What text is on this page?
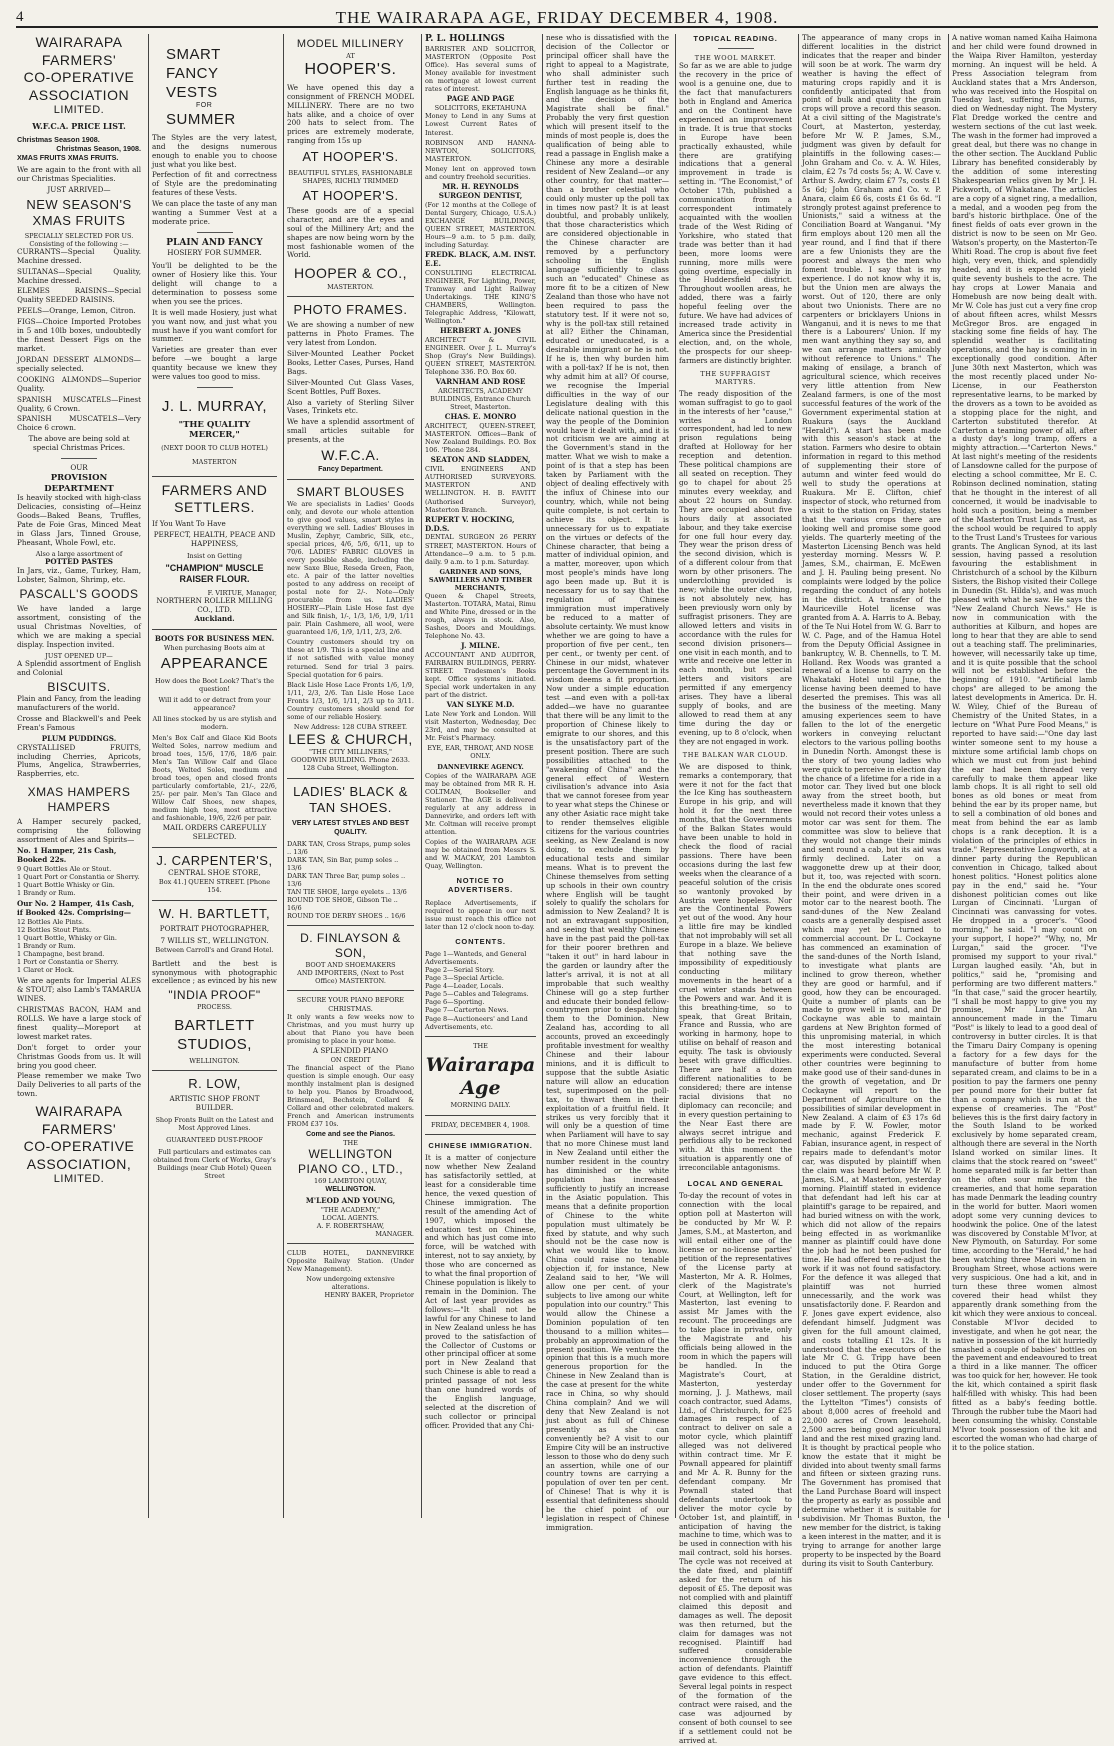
4	THE WAIRARAPA AGE, FRIDAY DECEMBER 4, 1908.
WAIRARAPA
FARMERS'
CO-OPERATIVE
ASSOCIATION
LIMITED.
W.F.C.A. PRICE LIST.
Christmas Season 1908.
Christmas Season, 1908.
XMAS FRUITS XMAS FRUITS.

We are again to the front with all our Christmas Specialities.

JUST ARRIVED—
NEW SEASON'S XMAS FRUITS
SPECIALLY SELECTED FOR US.
Consisting of the following :—

CURRANTS—Special Quality. Machine dressed.

SULTANAS—Special Quality, Machine dressed.

ELEMES RAISINS—Special Quality SEEDED RAISINS.

PEELS—Orange, Lemon, Citron.

FIGS—Choice Imported Protobes in 5 and 10lb boxes, undoubtedly the finest Dessert Figs on the market.

JORDAN DESSERT ALMONDS—specially selected.

COOKING ALMONDS—Superior Quality.

SPANISH MUSCATELS—Finest Quality, 6 Crown.

SPANISH MUSCATELS—Very Choice 6 crown.

The above are being sold at special Christmas Prices.

OUR
PROVISION DEPARTMENT

Is heavily stocked with high-class Delicacies, consisting of—Heinz Goods—Baked Beans, Truffles, Pate de Foie Gras, Minced Meat in Glass Jars, Tinned Grouse, Pheasant, Whole Fowl, etc.

Also a large assortment of
POTTED PASTES

In Jars, viz., Game, Turkey, Ham, Lobster, Salmon, Shrimp, etc.

PASCALL'S GOODS

We have landed a large assortment, consisting of the usual Christmas Novelties, of which we are making a special display. Inspection invited.

JUST OPENED UP—

A Splendid assortment of English and Colonial

BISCUITS.

Plain and Fancy, from the leading manufacturers of the world.

Crosse and Blackwell's and Peek Frean's Famous

PLUM PUDDINGS.

CRYSTALLISED FRUITS, including Cherries, Apricots, Plums, Angelica, Strawberries, Raspberries, etc.

XMAS HAMPERS HAMPERS

A Hamper securely packed, comprising the following assortment of Ales and Spirits—

No. 1 Hamper, 21s Cash, Booked 22s.
9 Quart Bottles Ale or Stout.
1 Quart Port or Constantia or Sherry.
1 Quart Bottle Whisky or Gin.
1 Brandy or Rum.
Our No. 2 Hamper, 41s Cash, if Booked 42s. Comprising—
12 Bottles Ale Pints.
12 Bottles Stout Pints.
1 Quart Bottle, Whisky or Gin.
1 Brandy or Rum.
1 Champagne, best brand.
1 Port or Constantia or Sherry.
1 Claret or Hock.

We are agents for Imperial ALES & STOUT; also Lamb's TAMARUA WINES.

CHRISTMAS BACON, HAM and ROLLS. We have a large stock of finest quality—Moreport at lowest market rates.

Don't forget to order your Christmas Goods from us. It will bring you good cheer.

Please remember we make Two Daily Deliveries to all parts of the town.

WAIRARAPA
FARMERS'
CO-OPERATIVE
ASSOCIATION,
LIMITED.
SMART
FANCY
VESTS
FOR
SUMMER

The Styles are the very latest, and the designs numerous enough to enable you to choose just what you like best.

Perfection of fit and correctness of Style are the predominating features of these Vests.

We can place the taste of any man wanting a Summer Vest at a moderate price.

PLAIN AND FANCY
HOSIERY FOR SUMMER.

You'll be delighted to be the owner of Hosiery like this. Your delight will change to a determination to possess some when you see the prices.

It is well made Hosiery, just what you want now, and just what you must have if you want comfort for summer.

Varieties are greater than ever before —we bought a large quantity because we knew they were values too good to miss.

J. L. MURRAY,
"THE QUALITY MERCER,"
(NEXT DOOR TO CLUB HOTEL)
MASTERTON
FARMERS AND SETTLERS.

If You Want To Have

PERFECT, HEALTH, PEACE AND HAPPINESS,
Insist on Getting
"CHAMPION" MUSCLE RAISER FLOUR.
F. VIRTUE, Manager,
NORTHERN ROLLER MILLING CO., LTD.
Auckland.
BOOTS FOR BUSINESS MEN.
When purchasing Boots aim at
APPEARANCE
How does the Boot Look? That's the question!
Will it add to or detract from your appearance?
All lines stocked by us are stylish and modern.

Men's Box Calf and Glace Kid Boots Welted Soles, narrow medium and broad toes, 15/6, 17/6, 18/6 pair. Men's Tan Willow Calf and Glace Boots, Welted Soles, medium and broad toes, open and closed fronts particularly comfortable, 21/-, 22/6, 25/- per pair. Men's Tan Glace and Willow Calf Shoes, new shapes, medium high toes, most attractive and fashionable, 19/6, 22/6 per pair.

MAIL ORDERS CAREFULLY SELECTED.
J. CARPENTER'S,
CENTRAL SHOE STORE,
Box 41.] QUEEN STREET. [Phone 154.
W. H. BARTLETT,
PORTRAIT PHOTOGRAPHER,
7 WILLIS ST., WELLINGTON.
Between Carroll's and Grand Hotel.

Bartlett and the best is synonymous with photographic excellence ; as evinced by his new

"INDIA PROOF"
PROCESS.
BARTLETT STUDIOS,
WELLINGTON.
R. LOW,
ARTISTIC SHOP FRONT BUILDER.
Shop Fronts Built on the Latest and Most Approved Lines.
GUARANTEED DUST-PROOF

Full particulars and estimates can obtained from Clerk of Works, Gray's Buildings (near Club Hotel) Queen Street

MODEL MILLINERY
AT
HOOPER'S.

We have opened this day a consignment of FRENCH MODEL MILLINERY. There are no two hats alike, and a choice of over 200 hats to select from. The prices are extremely moderate, ranging from 15s up

AT HOOPER'S.
BEAUTIFUL STYLES, FASHIONABLE SHAPES, RICHLY TRIMMED
AT HOOPER'S.

These goods are of a special character, and are the eyes and soul of the Millinery Art; and the shapes are now being worn by the most fashionable women of the World.

HOOPER & CO.,
MASTERTON.
PHOTO FRAMES.

We are showing a number of new patterns in Photo Frames. The very latest from London.

Silver-Mounted Leather Pocket Books, Letter Cases, Purses, Hand Bags.

Silver-Mounted Cut Glass Vases, Scent Bottles, Puff Boxes.

Also a variety of Sterling Silver Vases, Trinkets etc.

We have a splendid assortment of small articles suitable for presents, at the

W.F.C.A.
Fancy Department.
SMART BLOUSES

We are specialists in Ladies' Goods only, and devote our whole attention to give good values, smart styles in everything we sell. Ladies' Blouses in Muslin, Zephyr, Cambric, Silk, etc., special prices, 4/6, 5/6, 6/11, up to 70/6. LADIES' FABRIC GLOVES in every possible shade, including the new Saxe Blue, Reseda Green, Faon, etc. A pair of the latter novelties posted to any address on receipt of postal note for 2/-. Note—Only procurable from us. LADIES' HOSIERY—Plain Lisle Hose fast dye and Silk finish, 1/-, 1/3, 1/6, 1/9, 1/11 pair. Plain Cashmere, all wool, were guaranteed 1/6, 1/9, 1/11, 2/3, 2/6.

Country customers should try on these at 1/9. This is a special line and if not satisfied with value money returned. Send for trial 3 pairs. Special quotation for 6 pairs.

Black Lisle Hose Lace Fronts 1/6, 1/9, 1/11, 2/3, 2/6. Tan Lisle Hose Lace Fronts 1/3, 1/6, 1/11, 2/3 up to 3/11. Country customers should send for some of our reliable Hosiery.

New Address: 128 CUBA STREET.
LEES & CHURCH,
"THE CITY MILLINERS,"
GOODWIN BUILDING. Phone 2633. 128 Cuba Street, Wellington.
LADIES' BLACK & TAN SHOES.
VERY LATEST STYLES AND BEST QUALITY.
DARK TAN, Cross Straps, pump soles .. 13/6
DARK TAN, Sin Bar, pump soles .. 13/6
DARK TAN Three Bar, pump soles .. 13/6
TAN TIE SHOE, large eyelets .. 13/6
ROUND TOE SHOE, Gibson Tie .. 16/6
ROUND TOE DERBY SHOES .. 16/6
D. FINLAYSON & SON,
BOOT AND SHOEMAKERS
AND IMPORTERS, (Next to Post Office) MASTERTON.
SECURE YOUR PIANO BEFORE CHRISTMAS.

It only wants a few weeks now to Christmas, and you must hurry up about that Piano you have been promising to place in your home.

A SPLENDID PIANO
ON CREDIT

The financial aspect of the Piano question is simple enough. Our easy monthly instalment plan is designed to help you. Pianos by Broadwood, Brinsmead, Bechstein, Collard & Collard and other celebrated makers. French and American instruments FROM £37 10s.

Come and see the Pianos.
THE
WELLINGTON PIANO CO., LTD.,
169 LAMBTON QUAY,
WELLINGTON.
M'LEOD AND YOUNG,
"THE ACADEMY,"
LOCAL AGENTS.
A. F. ROBERTSHAW,
MANAGER.

CLUB HOTEL, DANNEVIRKE Opposite Railway Station. (Under New Management).

Now undergoing extensive alterations.
HENRY BAKER, Proprietor
P. L. HOLLINGS

BARRISTER AND SOLICITOR, MASTERTON (Opposite Post Office). Has several sums of Money available for investment on mortgage at lowest current rates of interest.

PAGE AND PAGE
SOLICITORS, EKETAHUNA

Money to Lend in any Sums at Lowest Current Rates of Interest.

ROBINSON AND HANNA-NEWTON, SOLICITORS, MASTERTON.

Money lent on approved town and country freehold securities.

MR. H. REYNOLDS SURGEON DENTIST,

(For 12 months at the College of Dental Surgery, Chicago, U.S.A.) EXCHANGE BUILDINGS, QUEEN STREET, MASTERTON. Hours—9 a.m. to 5 p.m. daily, including Saturday.

FREDK. BLACK, A.M. INST. E.E.

CONSULTING ELECTRICAL ENGINEER, For Lighting, Power, Tramway and Light Railway Undertakings. THE KING'S CHAMBERS, Wellington. Telegraphic Address, "Kilowatt, Wellington."

HERBERT A. JONES

ARCHITECT & CIVIL ENGINEER. Over J. L. Murray's Shop (Gray's New Buildings). QUEEN STREET, MASTERTON. Telephone 336. P.O. Box 60.

VARNHAM AND ROSE

ARCHITECTS, ACADEMY BUILDINGS, Entrance Church Street, Masterton.

CHAS. E. MONRO

ARCHITECT, QUEEN-STREET, MASTERTON. Offices—Bank of New Zealand Buildings. P.O. Box 106. 'Phone 284.

SEATON AND SLADDEN,

CIVIL ENGINEERS AND AUTHORISED SURVEYORS. MASTERTON AND WELLINGTON. H. B. FAVITT (Authorised Surveyor), Masterton Branch.

RUPERT V. HOCKING, D.D.S.

DENTAL SURGEON 26 PERRY STREET, MASTERTON. Hours of Attendance—9 a.m. to 5 p.m. daily. 9 a.m. to 1 p.m. Saturday.

GARDNER AND SONS, SAWMILLERS AND TIMBER MERCHANTS,

Queen & Chapel Streets, Masterton. TOTARA, Matai, Rimu and White Pine, dressed or in the rough, always in stock. Also, Sashes, Doors and Mouldings. Telephone No. 43.

J. MILNE.

ACCOUNTANT AND AUDITOR, FAIRBAIRN BUILDINGS, PERRY-STREET. Tradesmen's Books kept. Office systems initiated. Special work undertaken in any part of the district.

VAN SLYKE M.D.

Late New York and London. Will visit Masterton, Wednesday, Dec 23rd, and may be consulted at Mr. Feist's Pharmacy.

EYE, EAR, THROAT, AND NOSE ONLY.
DANNEVIRKE AGENCY.

Copies of the WAIRARAPA AGE may be obtained from MR R. H. COLTMAN, Bookseller and Stationer. The AGE is delivered regularly at any address in Dannevirke, and orders left with Mr. Coltman will receive prompt attention.

Copies of the WAIRARAPA AGE may be obtained from Messrs S. and W. MACKAY, 201 Lambton Quay, Wellington.

NOTICE TO ADVERTISERS.

Replace Advertisements, if required to appear in our next issue must reach this office not later than 12 o'clock noon to-day.

CONTENTS.
Page 1—Wanteds, and General Advertisements.
Page 2—Serial Story.
Page 3—Special Article.
Page 4—Leader, Locals.
Page 5—Cables and Telegrams.
Page 6—Sporting.
Page 7—Carterton News.
Page 8—Auctioneers' and Land Advertisements, etc.
THE
Wairarapa Age
MORNING DAILY.
FRIDAY, DECEMBER 4, 1908.
CHINESE IMMIGRATION.

It is a matter of conjecture now whether New Zealand has satisfactorily settled, at least for a considerable time hence, the vexed question of Chinese immigration. The result of the amending Act of 1907, which imposed the education test on Chinese, and which has just come into force, will be watched with interest, not to say anxiety, by those who are concerned as to what the final proportion of Chinese population is likely to remain in the Dominion. The Act of last year provides as follows:—"It shall not be lawful for any Chinese to land in New Zealand unless he has proved to the satisfaction of the Collector of Customs or other principal officer at some port in New Zealand that such Chinese is able to read a printed passage of not less than one hundred words of the English language, selected at the discretion of such collector or principal officer. Provided that any Chi-

nese who is dissatisfied with the decision of the Collector or principal officer shall have the right to appeal to a Magistrate, who shall administer such further test in reading the English language as he thinks fit, and the decision of the Magistrate shall be final." Probably the very first question which will present itself to the minds of most people is, does the qualification of being able to read a passage in English make a Chinese any more a desirable resident of New Zealand—or any other country, for that matter—than a brother celestial who could only muster up the poll tax in times now past? It is at least doubtful, and probably unlikely, that those characteristics which are considered objectionable in the Chinese character are removed by a perfunctory schooling in the English language sufficiently to class such an "educated" Chinese as more fit to be a citizen of New Zealand than those who have not been required to pass the statutory test. If it were not so, why is the poll-tax still retained at all? Either the Chinaman, educated or uneducated, is a desirable immigrant or he is not. If he is, then why burden him with a poll-tax? If he is not, then why admit him at all? Of course, we recognise the Imperial difficulties in the way of our Legislature dealing with this delicate national question in the way the people of the Dominion would have it dealt with, and it is not criticism we are aiming at the Government's stand in the matter. What we wish to make a point of is that a step has been taken by Parliament with the object of dealing effectively with the influx of Chinese into our country, which, while not being quite complete, is not certain to achieve its object. It is unnecessary for us to expatiate on the virtues or defects of the Chinese character, that being a matter of individual opinion, and a matter, moreover, upon which most people's minds have long ago been made up. But it is necessary for us to say that the regulation of Chinese immigration must imperatively be reduced to a matter of absolute certainty. We must know whether we are going to have a proportion of five per cent., ten per cent., or twenty per cent. of Chinese in our midst, whatever percentage the Government in its wisdom deems a fit proportion. Now under a simple education test —and even with a poll-tax added—we have no guarantee that there will be any limit to the proportion of Chinese likely to emigrate to our shores, and this is the unsatisfactory part of the present position. There are such possibilities attached to the "awakening of China" and the general effect of Western civilisation's advance into Asia that we cannot foresee from year to year what steps the Chinese or any other Asiatic race might take to render themselves eligible citizens for the various countries seeking, as New Zealand is now doing, to exclude them by educational tests and similar means. What is to prevent the Chinese themselves from setting up schools in their own country where English will be taught solely to qualify the scholars for admission to New Zealand? It is not an extravagant supposition, and seeing that wealthy Chinese have in the past paid the poll-tax for their poorer brethren and "taken it out" in hard labour in the garden or laundry after the latter's arrival, it is not at all improbable that such wealthy Chinese will go a step further and educate their bonded fellow-countrymen prior to despatching them to the Dominion. New Zealand has, according to all accounts, proved an exceedingly profitable investment for wealthy Chinese and their labour minions, and it is difficult to suppose that the subtle Asiatic nature will allow an education test, superimposed on the poll-tax, to thwart them in their exploitation of a fruitful field. It strikes us very forcibly that it will only be a question of time when Parliament will have to say that no more Chinese must land in New Zealand until either the number resident in the country has diminished or the white population has increased sufficiently to justify an increase in the Asiatic population. This means that a definite proportion of Chinese to the white population must ultimately be fixed by statute, and why such should not be the case now is what we would like to know. China could raise no tenable objection if, for instance, New Zealand said to her, "We will allow one per cent. of your subjects to live among our white population into our country." This would allow the Chinese a Dominion population of ten thousand to a million whites—probably an approximation of the present position. We venture the opinion that this is a much more generous proportion for the Chinese in New Zealand than is the case at present for the white race in China, so why should China complain? And we will deny that New Zealand is not just about as full of Chinese presently as she can conveniently be? A visit to our Empire City will be an instructive lesson to those who do deny such an assertion, while one of our country towns are carrying a population of over ten per cent. of Chinese! That is why it is essential that definiteness should be the chief point of our legislation in respect of Chinese immigration.

TOPICAL READING.
THE WOOL MARKET.

So far as we are able to judge the recovery in the price of wool is a genuine one, due to the fact that manufacturers both in England and America and on the Continent have experienced an improvement in trade. It is true that stocks in Europe have been practically exhausted, while there are gratifying indications that a general improvement in trade is setting in. "The Economist," of October 17th, published a communication from a correspondent intimately acquainted with the woollen trade of the West Riding of Yorkshire, who stated that trade was better than it had been, more looms were running, more mills were going overtime, especially in the Huddersfield district. Throughout woollen areas, he added, there was a fairly hopeful feeling over the future. We have had advices of increased trade activity in America since the Presidential election, and, on the whole, the prospects for our sheep-farmers are distinctly brighter.

THE SUFFRAGIST MARTYRS.

The ready disposition of the woman suffragist to go to gaol in the interests of her "cause," writes a London correspondent, had led to new prison regulations being drafted at Holloway for her reception and detention. These political champions are all seated on reception. They go to chapel for about 25 minutes every weekday, and about 22 hours on Sunday. They are occupied about five hours daily at associated labour, and they take exercise for one full hour every day. They wear the prison dress of the second division, which is of a different colour from that worn by other prisoners. The underclothing provided is new; while the outer clothing, is not absolutely new, has been previously worn only by suffragist prisoners. They are allowed letters and visits in accordance with the rules for second division prisoners—one visit in each month, and to write and receive one letter in each month, but special letters and visitors are permitted if any emergency arises. They have a liberal supply of books, and are allowed to read them at any time during the day or evening, up to 8 o'clock, when they are not engaged in work.

THE BALKAN WAR CLOUD.

We are disposed to think, remarks a contemporary, that were it not for the fact that the Ice King has southeastern Europe in his grip, and will hold it for the next three months, that the Governments of the Balkan States would have been unable to hold in check the flood of racial passions. There have been occasions during the last few weeks when the clearance of a peaceful solution of the crisis so wantonly provoked by Austria were hopeless. Nor are the Continental Powers yet out of the wood. Any hour a little fire may be kindled that not improbably will set all Europe in a blaze. We believe that nothing save the impossibility of expeditiously conducting military movements in the heart of a cruel winter stands between the Powers and war. And it is this breathing-time, so to speak, that Great Britain, France and Russia, who are working in harmony, hope to utilise on behalf of reason and equity. The task is obviously beset with grave difficulties. There are half a dozen different nationalities to be considered; there are intense racial divisions that no diplomacy can reconcile; and in every question pertaining to the Near East there are always secret intrigue and perfidious ally to be reckoned with. At this moment the situation is apparently one of irreconcilable antagonisms.

LOCAL AND GENERAL

To-day the recount of votes in connection with the local option poll at Masterton will be conducted by Mr W. P. James, S.M., at Masterton, and will entail either one of the license or no-license parties' petition of the representatives of the License party at Masterton, Mr A. R. Holmes, clerk of the Magistrate's Court, at Wellington, left for Masterton, last evening to assist Mr James with the recount. The proceedings are to take place in private, only the Magistrate and his officials being allowed in the room in which the papers will be handled. In the Magistrate's Court, at Masterton, yesterday morning, J. J. Mathews, mail coach contractor, sued Adams, Ltd., of Christchurch, for £25 damages in respect of a contract to deliver on sale a motor cycle, which plaintiff alleged was not delivered within contract time. Mr F. Pownall appeared for plaintiff and Mr A. R. Bunny for the defendant company. Mr Pownall stated that defendants undertook to deliver the motor cycle by October 1st, and plaintiff, in anticipation of having the machine to time, which was to be used in connection with his mail contract, sold his horses. The cycle was not received at the date fixed, and plaintiff asked for the return of his deposit of £5. The deposit was not complied with and plaintiff claimed this deposit and damages as well. The deposit was then returned, but the claim for damages was not recognised. Plaintiff had suffered considerable inconvenience through the action of defendants. Plaintiff gave evidence to this effect. Several legal points in respect of the formation of the contract were raised, and the case was adjourned by consent of both counsel to see if a settlement could not be arrived at.

The appearance of many crops in different localities in the district indicates that the reaper and binder will soon be at work. The warm dry weather is having the effect of maturing crops rapidly and it is confidently anticipated that from point of bulk and quality the grain crops will prove a record this season. At a civil sitting of the Magistrate's Court, at Masterton, yesterday, before Mr W. P. James, S.M., judgment was given by default for plaintiffs in the following cases:—John Graham and Co. v. A. W. Hiles, claim, £2 7s 7d costs 5s; A. W. Cave v. Arthur S. Awdry, claim £7 7s, costs £1 5s 6d; John Graham and Co. v. P. Anara, claim £6 6s, costs £1 6s 6d. "I strongly protest against preference to Unionists," said a witness at the Conciliation Board at Wanganui. "My firm employs about 120 men all the year round, and I find that if there are a few Unionists they are the poorest and always the men who foment trouble. I say that is my experience. I do not know why it is, but the Union men are always the worst. Out of 120, there are only about two Unionists. There are no carpenters or bricklayers Unions in Wanganui, and it is news to me that there is a Labourers' Union. If my men want anything they say so, and we can arrange matters amicably without reference to Unions." The making of ensilage, a branch of agricultural science, which receives very little attention from New Zealand farmers, is one of the most successful features of the work of the Government experimental station at Ruakura (says the Auckland "Herald"). A start has been made with this season's stack at the station. Farmers who desire to obtain information in regard to this method of supplementing their store of autumn and winter feed would do well to study the operations at Ruakura. Mr E. Clifton, chief inspector of stock, who returned from a visit to the station on Friday, states that the various crops there are looking well and promise some good yields. The quarterly meeting of the Masterton Licensing Bench was held yesterday morning. Messrs W. P. James, S.M., chairman, E. McEwen and J. H. Pauling being present. No complaints were lodged by the police regarding the conduct of any hotels in the district. A transfer of the Mauriceville Hotel license was granted from A. A. Harris to A. Bebay, of the Te Nui Hotel from W. G. Barr to W. C. Page, and of the Hamua Hotel from the Deputy Official Assignee in bankruptcy, W. B. Chennells, to T. M. Holland. Rex Woods was granted a renewal of a license to carry on the Whakataki Hotel until June, the license having been deemed to have deserted the premises. This was all the business of the meeting. Many amusing experiences seem to have fallen to the lot of the energetic workers in conveying reluctant electors to the various polling booths in Dunedin North. Amongst these is the story of two young ladies who were quick to perceive in election day the chance of a lifetime for a ride in a motor car. They lived but one block away from the street booth, but nevertheless made it known that they would not record their votes unless a motor car was sent for them. The committee was slow to believe that they would not change their minds and sent round a cab, but its aid was firmly declined. Later on a waggonette drew up at their door, but it, too, was rejected with scorn. In the end the obdurate ones scored their point, and were driven in a motor car to the nearest booth. The sand-dunes of the New Zealand coasts are a generally despised asset which may yet be turned to commercial account. Dr L. Cockayne has commenced an examination of the sand-dunes of the North Island, to investigate what plants are inclined to grow thereon, whether they are good or harmful, and if good, how they can be encouraged. Quite a number of plants can be made to grow well in sand, and Dr Cockayne was able to maintain gardens at New Brighton formed of this unpromising material, in which the most interesting botanical experiments were conducted. Several other countries were beginning to make good use of their sand-dunes in the growth of vegetation, and Dr Cockayne will report to the Department of Agriculture on the possibilities of similar development in New Zealand. A claim of £3 17s 6d made by F. W. Fowler, motor mechanic, against Frederick F. Fabian, insurance agent, in respect of repairs made to defendant's motor car, was disputed by plaintiff when the claim was heard before Mr W. P. James, S.M., at Masterton, yesterday morning. Plaintiff stated in evidence that defendant had left his car at plaintiff's garage to be repaired, and had buried witness on with the work, which did not allow of the repairs being effected in as workmanlike manner as plaintiff could have done the job had he not been pushed for time. He had offered to re-adjust the work if it was not found satisfactory. For the defence it was alleged that plaintiff was not hurried unnecessarily, and the work was unsatisfactorily done. F. Reardon and F. Jones gave expert evidence, also defendant himself. Judgment was given for the full amount claimed, and costs totalling £1 12s. It is understood that the executors of the late Mr C. G. Tripp have been induced to put the Otira Gorge Station, in the Geraldine district, under offer to the Government for closer settlement. The property (says the Lyttelton "Times") consists of about 8,000 acres of freehold and 22,000 acres of Crown leasehold, 2,500 acres being good agricultural land and the rest mixed grazing land. It is thought by practical people who know the estate that it might be divided into about twenty small farms and fifteen or sixteen grazing runs. The Government has promised that the Land Purchase Board will inspect the property as early as possible and determine whether it is suitable for subdivision. Mr Thomas Buxton, the new member for the district, is taking a keen interest in the matter, and it is trying to arrange for another large property to be inspected by the Board during its visit to South Canterbury.

A native woman named Kaiha Haimona and her child were found drowned in the Waipa River Hamilton, yesterday morning. An inquest will be held. A Press Association telegram from Auckland states that a Mrs Anderson, who was received into the Hospital on Tuesday last, suffering from burns, died on Wednesday night. The Mystery Flat Dredge worked the centre and western sections of the cut last week. The wash in the former had improved a great deal, but there was no change in the other section. The Auckland Public Library has benefited considerably by the addition of some interesting Shakespearian relics given by Mr J. H. Pickworth, of Whakatane. The articles are a copy of a signet ring, a medallion, a medal, and a wooden peg from the bard's historic birthplace. One of the finest fields of oats ever grown in the district is now to be seen on Mr Geo. Watson's property, on the Masterton-Te Whiti Road. The crop is about five feet high, very even, thick, and splendidly headed, and it is expected to yield quite seventy bushels to the acre. The hay crops at Lower Manaia and Homebush are now being dealt with. Mr W. Cole has just cut a very fine crop of about fifteen acres, whilst Messrs McGregor Bros. are engaged in stacking some fine fields of hay. The splendid weather is facilitating operations, and the hay is coming in in exceptionally good condition. After June 30th next Masterton, which was the most recently placed under No-License, in our Featherston representative learns, to be marked by the drovers as a town to be avoided as a stopping place for the night, and Carterton substituted therefor. At Carterton a teaming power of all, after a dusty day's long tramp, offers a mighty attraction.—"Carterton News." At last night's meeting of the residents of Lansdowne called for the purpose of electing a school committee, Mr E. C. Robinson declined nomination, stating that he thought in the interest of all concerned, it would be inadvisable to hold such a position, being a member of the Masterton Trust Lands Trust, as the school would be required to apply to the Trust Land's Trustees for various grants. The Anglican Synod, at its last session, having passed a resolution favouring the establishment in Christchurch of a school by the Kilburn Sisters, the Bishop visited their College in Dunedin (St. Hilda's), and was much pleased with what he saw. He says the "New Zealand Church News." He is now in communication with the authorities at Kilburn, and hopes are long to hear that they are able to send out a teaching staff. The preliminaries, however, will necessarily take up time, and it is quite possible that the school will not be established before the beginning of 1910. "Artificial lamb chops" are alleged to be among the latest developments in America. Dr. H. W. Wiley, Chief of the Bureau of Chemistry of the United States, in a lecture on "What Pure Food Means," is reported to have said:—"One day last winter someone sent to my house a mixture some artificial lamb chops on which we must cut from just behind the ear had been threaded very carefully to make them appear like lamb chops. It is all right to sell old bones as old bones or meat from behind the ear by its proper name, but to sell a combination of old bones and meat from behind the ear as lamb chops is a rank deception. It is a violation of the principles of ethics in trade." Representative Longworth, at a dinner party during the Republican convention in Chicago, talked about honest politics. "Honest politics alone pay in the end," said he. "Your dishonest politician comes out like Lurgan of Cincinnati. 'Lurgan of Cincinnati was canvassing for votes. He dropped in a grocer's. "Good morning," he said. "I may count on your support, I hope?" "Why, no, Mr Lurgan," said the grocer. "I've promised my support to your rival." Lurgan laughed easily. "Ah, but in politics," said he, "promising and performing are two different matters." "In that case," said the grocer heartily, "I shall be most happy to give you my promise, Mr Lurgan." An announcement made in the Timaru "Post" is likely to lead to a good deal of controversy in butter circles. It is that the Timaru Dairy Company is opening a factory for a few days for the manufacture of butter from home separated cream, and claims to be in a position to pay the farmers one penny per pound more for their butter fat than a company which is run at the expense of creameries. The "Post" believes this is the first dairy factory in the South Island to be worked exclusively by home separated cream, although there are several in the North Island worked on similar lines. It claims that the stock reared on "sweet" home separated milk is far better than on the often sour milk from the creameries, and that home separation has made Denmark the leading country in the world for butter. Maori women adopt some very cunning devices to hoodwink the police. One of the latest was discovered by Constable M'Ivor, at New Plymouth, on Saturday. For some time, according to the "Herald," he had been watching three Maori women in Brougham Street, whose actions were very suspicious. One had a kit, and in turn these three women almost covered their head whilst they apparently drank something from the kit which they were anxious to conceal. Constable M'Ivor decided to investigate, and when he got near, the native in possession of the kit hurriedly smashed a couple of babies' bottles on the pavement and endeavoured to treat a third in a like manner. The officer was too quick for her, however. He took the kit, which contained a spirit flask half-filled with whisky. This had been fitted as a baby's feeding bottle. Through the rubber tube the Maori had been consuming the whisky. Constable M'Ivor took possession of the kit and escorted the woman who had charge of it to the police station.
